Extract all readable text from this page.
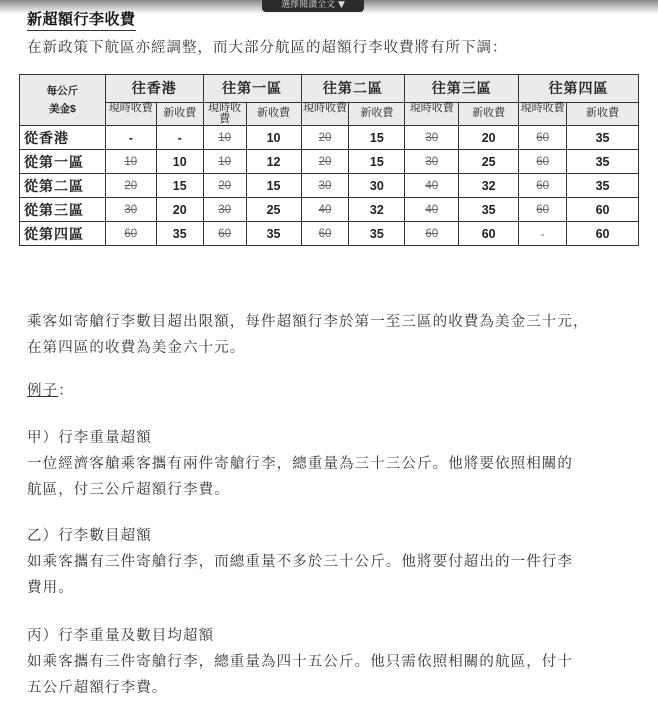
選擇閱讀全文 ▼
新超額行李收費
在新政策下航區亦經調整，而大部分航區的超額行李收費將有所下調：
每公斤
美金$	往香港		往第一區		往第二區		往第三區		往第四區	
	現時收費	新收費	現時收費	新收費	現時收費	新收費	現時收費	新收費	現時收費	新收費
從香港	-	-	10	10	20	15	30	20	60	35
從第一區	10	10	10	12	20	15	30	25	60	35
從第二區	20	15	20	15	30	30	40	32	60	35
從第三區	30	20	30	25	40	32	40	35	60	60
從第四區	60	35	60	35	60	35	60	60	-	60
乘客如寄艙行李數目超出限額，每件超額行李於第一至三區的收費為美金三十元，
在第四區的收費為美金六十元。
例子：
甲）行李重量超額
一位經濟客艙乘客攜有兩件寄艙行李，總重量為三十三公斤。他將要依照相關的
航區，付三公斤超額行李費。
乙）行李數目超額
如乘客攜有三件寄艙行李，而總重量不多於三十公斤。他將要付超出的一件行李
費用。
丙）行李重量及數目均超額
如乘客攜有三件寄艙行李，總重量為四十五公斤。他只需依照相關的航區，付十
五公斤超額行李費。
